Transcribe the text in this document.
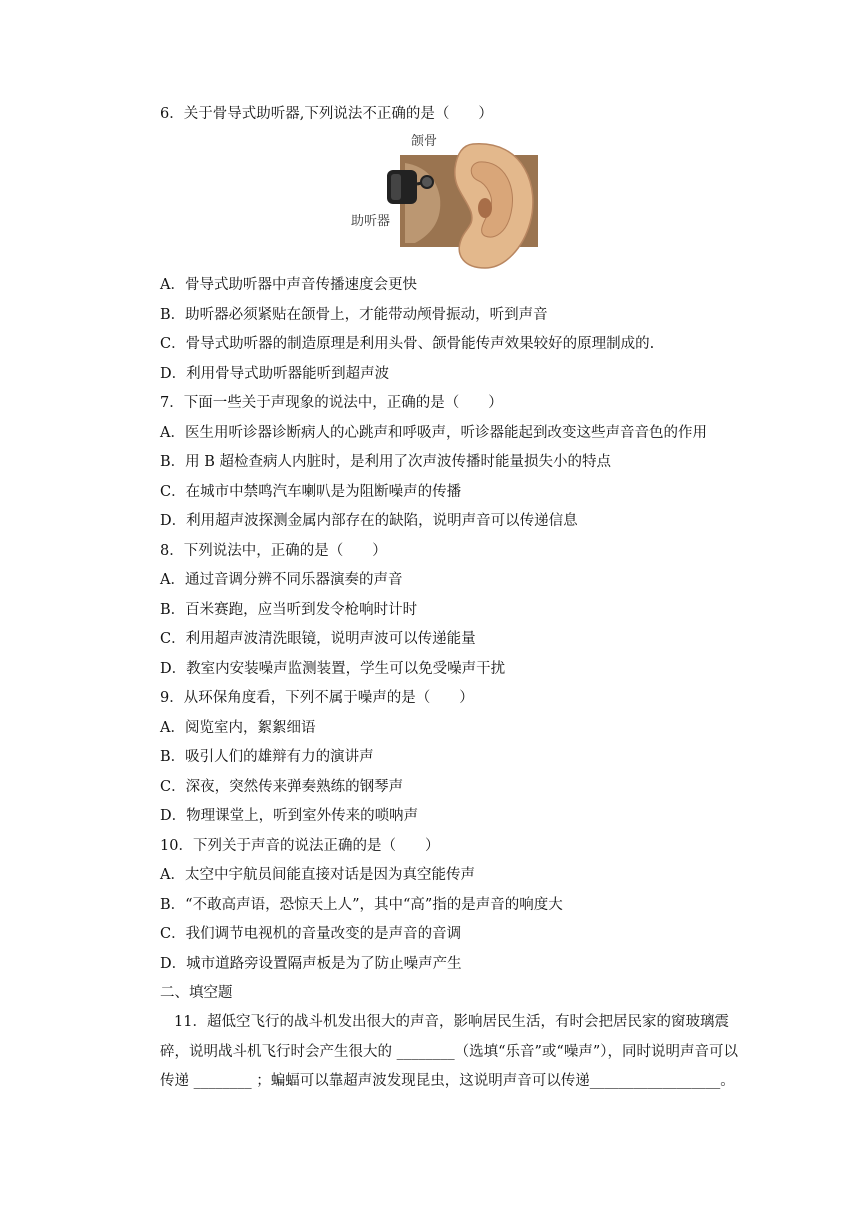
6．关于骨导式助听器,下列说法不正确的是（　　）
颌骨
助听器
A．骨导式助听器中声音传播速度会更快
B．助听器必须紧贴在颌骨上，才能带动颅骨振动，听到声音
C．骨导式助听器的制造原理是利用头骨、颌骨能传声效果较好的原理制成的.
D．利用骨导式助听器能听到超声波
7．下面一些关于声现象的说法中，正确的是（　　）
A．医生用听诊器诊断病人的心跳声和呼吸声，听诊器能起到改变这些声音音色的作用
B．用 B 超检查病人内脏时，是利用了次声波传播时能量损失小的特点
C．在城市中禁鸣汽车喇叭是为阻断噪声的传播
D．利用超声波探测金属内部存在的缺陷，说明声音可以传递信息
8．下列说法中，正确的是（　　）
A．通过音调分辨不同乐器演奏的声音
B．百米赛跑，应当听到发令枪响时计时
C．利用超声波清洗眼镜，说明声波可以传递能量
D．教室内安装噪声监测装置，学生可以免受噪声干扰
9．从环保角度看，下列不属于噪声的是（　　）
A．阅览室内，絮絮细语
B．吸引人们的雄辩有力的演讲声
C．深夜，突然传来弹奏熟练的钢琴声
D．物理课堂上，听到室外传来的唢呐声
10．下列关于声音的说法正确的是（　　）
A．太空中宇航员间能直接对话是因为真空能传声
B．“不敢高声语，恐惊天上人”，其中“高”指的是声音的响度大
C．我们调节电视机的音量改变的是声音的音调
D．城市道路旁设置隔声板是为了防止噪声产生
二、填空题
11．超低空飞行的战斗机发出很大的声音，影响居民生活，有时会把居民家的窗玻璃震碎，说明战斗机飞行时会产生很大的 ________（选填“乐音”或“噪声”），同时说明声音可以传递 ________ ；蝙蝠可以靠超声波发现昆虫，这说明声音可以传递__________________。
